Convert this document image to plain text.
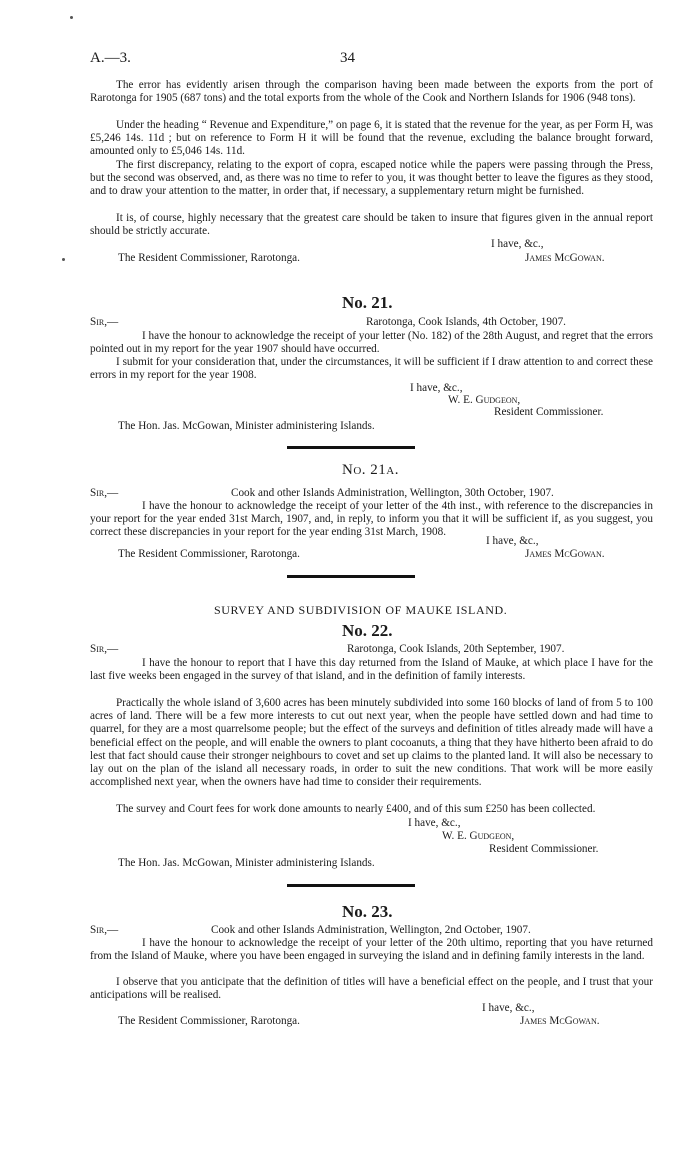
A.—3.	34
The error has evidently arisen through the comparison having been made between the exports from the port of Rarotonga for 1905 (687 tons) and the total exports from the whole of the Cook and Northern Islands for 1906 (948 tons).
Under the heading “ Revenue and Expenditure,” on page 6, it is stated that the revenue for the year, as per Form H, was £5,246 14s. 11d ; but on reference to Form H it will be found that the revenue, excluding the balance brought forward, amounted only to £5,046 14s. 11d.
The first discrepancy, relating to the export of copra, escaped notice while the papers were passing through the Press, but the second was observed, and, as there was no time to refer to you, it was thought better to leave the figures as they stood, and to draw your attention to the matter, in order that, if necessary, a supplementary return might be furnished.
It is, of course, highly necessary that the greatest care should be taken to insure that figures given in the annual report should be strictly accurate.
I have, &c.,
The Resident Commissioner, Rarotonga.	James McGowan.
No. 21.
Sir,—	Rarotonga, Cook Islands, 4th October, 1907.
I have the honour to acknowledge the receipt of your letter (No. 182) of the 28th August, and regret that the errors pointed out in my report for the year 1907 should have occurred.
I submit for your consideration that, under the circumstances, it will be sufficient if I draw attention to and correct these errors in my report for the year 1908.
I have, &c.,
W. E. Gudgeon,
Resident Commissioner.
The Hon. Jas. McGowan, Minister administering Islands.
No. 21a.
Sir,—	Cook and other Islands Administration, Wellington, 30th October, 1907.
I have the honour to acknowledge the receipt of your letter of the 4th inst., with reference to the discrepancies in your report for the year ended 31st March, 1907, and, in reply, to inform you that it will be sufficient if, as you suggest, you correct these discrepancies in your report for the year ending 31st March, 1908.
I have, &c.,
The Resident Commissioner, Rarotonga.	James McGowan.
SURVEY AND SUBDIVISION OF MAUKE ISLAND.
No. 22.
Sir,—	Rarotonga, Cook Islands, 20th September, 1907.
I have the honour to report that I have this day returned from the Island of Mauke, at which place I have for the last five weeks been engaged in the survey of that island, and in the definition of family interests.
Practically the whole island of 3,600 acres has been minutely subdivided into some 160 blocks of land of from 5 to 100 acres of land. There will be a few more interests to cut out next year, when the people have settled down and had time to quarrel, for they are a most quarrelsome people; but the effect of the surveys and definition of titles already made will have a beneficial effect on the people, and will enable the owners to plant cocoanuts, a thing that they have hitherto been afraid to do lest that fact should cause their stronger neighbours to covet and set up claims to the planted land. It will also be necessary to lay out on the plan of the island all necessary roads, in order to suit the new conditions. That work will be more easily accomplished next year, when the owners have had time to consider their requirements.
The survey and Court fees for work done amounts to nearly £400, and of this sum £250 has been collected.
I have, &c.,
W. E. Gudgeon,
Resident Commissioner.
The Hon. Jas. McGowan, Minister administering Islands.
No. 23.
Sir,—	Cook and other Islands Administration, Wellington, 2nd October, 1907.
I have the honour to acknowledge the receipt of your letter of the 20th ultimo, reporting that you have returned from the Island of Mauke, where you have been engaged in surveying the island and in defining family interests in the land.
I observe that you anticipate that the definition of titles will have a beneficial effect on the people, and I trust that your anticipations will be realised.
I have, &c.,
The Resident Commissioner, Rarotonga.	James McGowan.
